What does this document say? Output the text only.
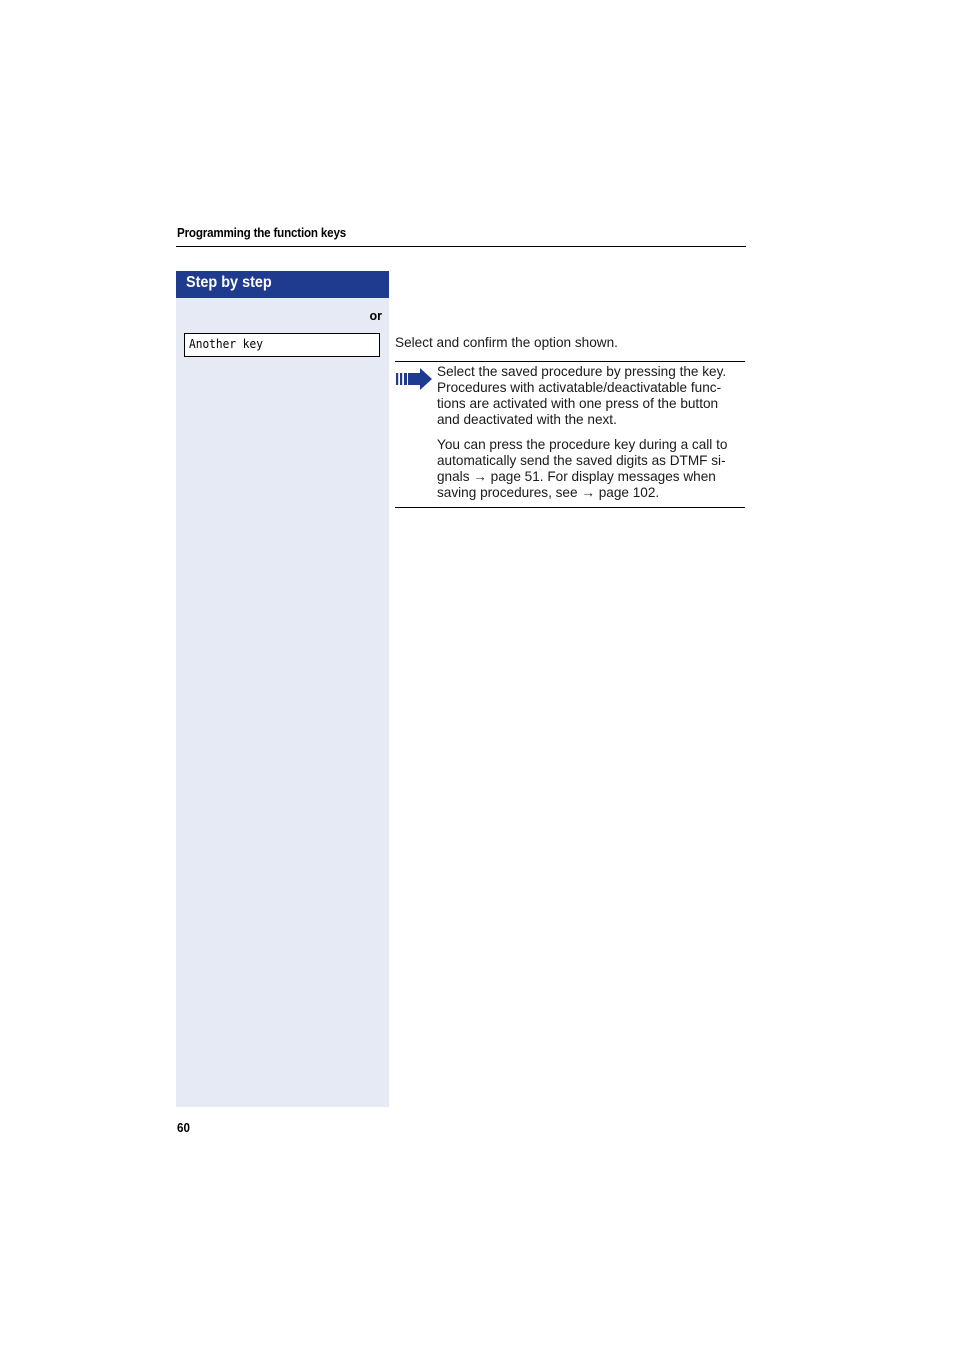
Programming the function keys
Step by step
or
Another key	Select and confirm the option shown.
Select the saved procedure by pressing the key.
Procedures with activatable/deactivatable func-
tions are activated with one press of the button
and deactivated with the next.
You can press the procedure key during a call to
automatically send the saved digits as DTMF si-
gnals → page 51. For display messages when
saving procedures, see → page 102.
60
